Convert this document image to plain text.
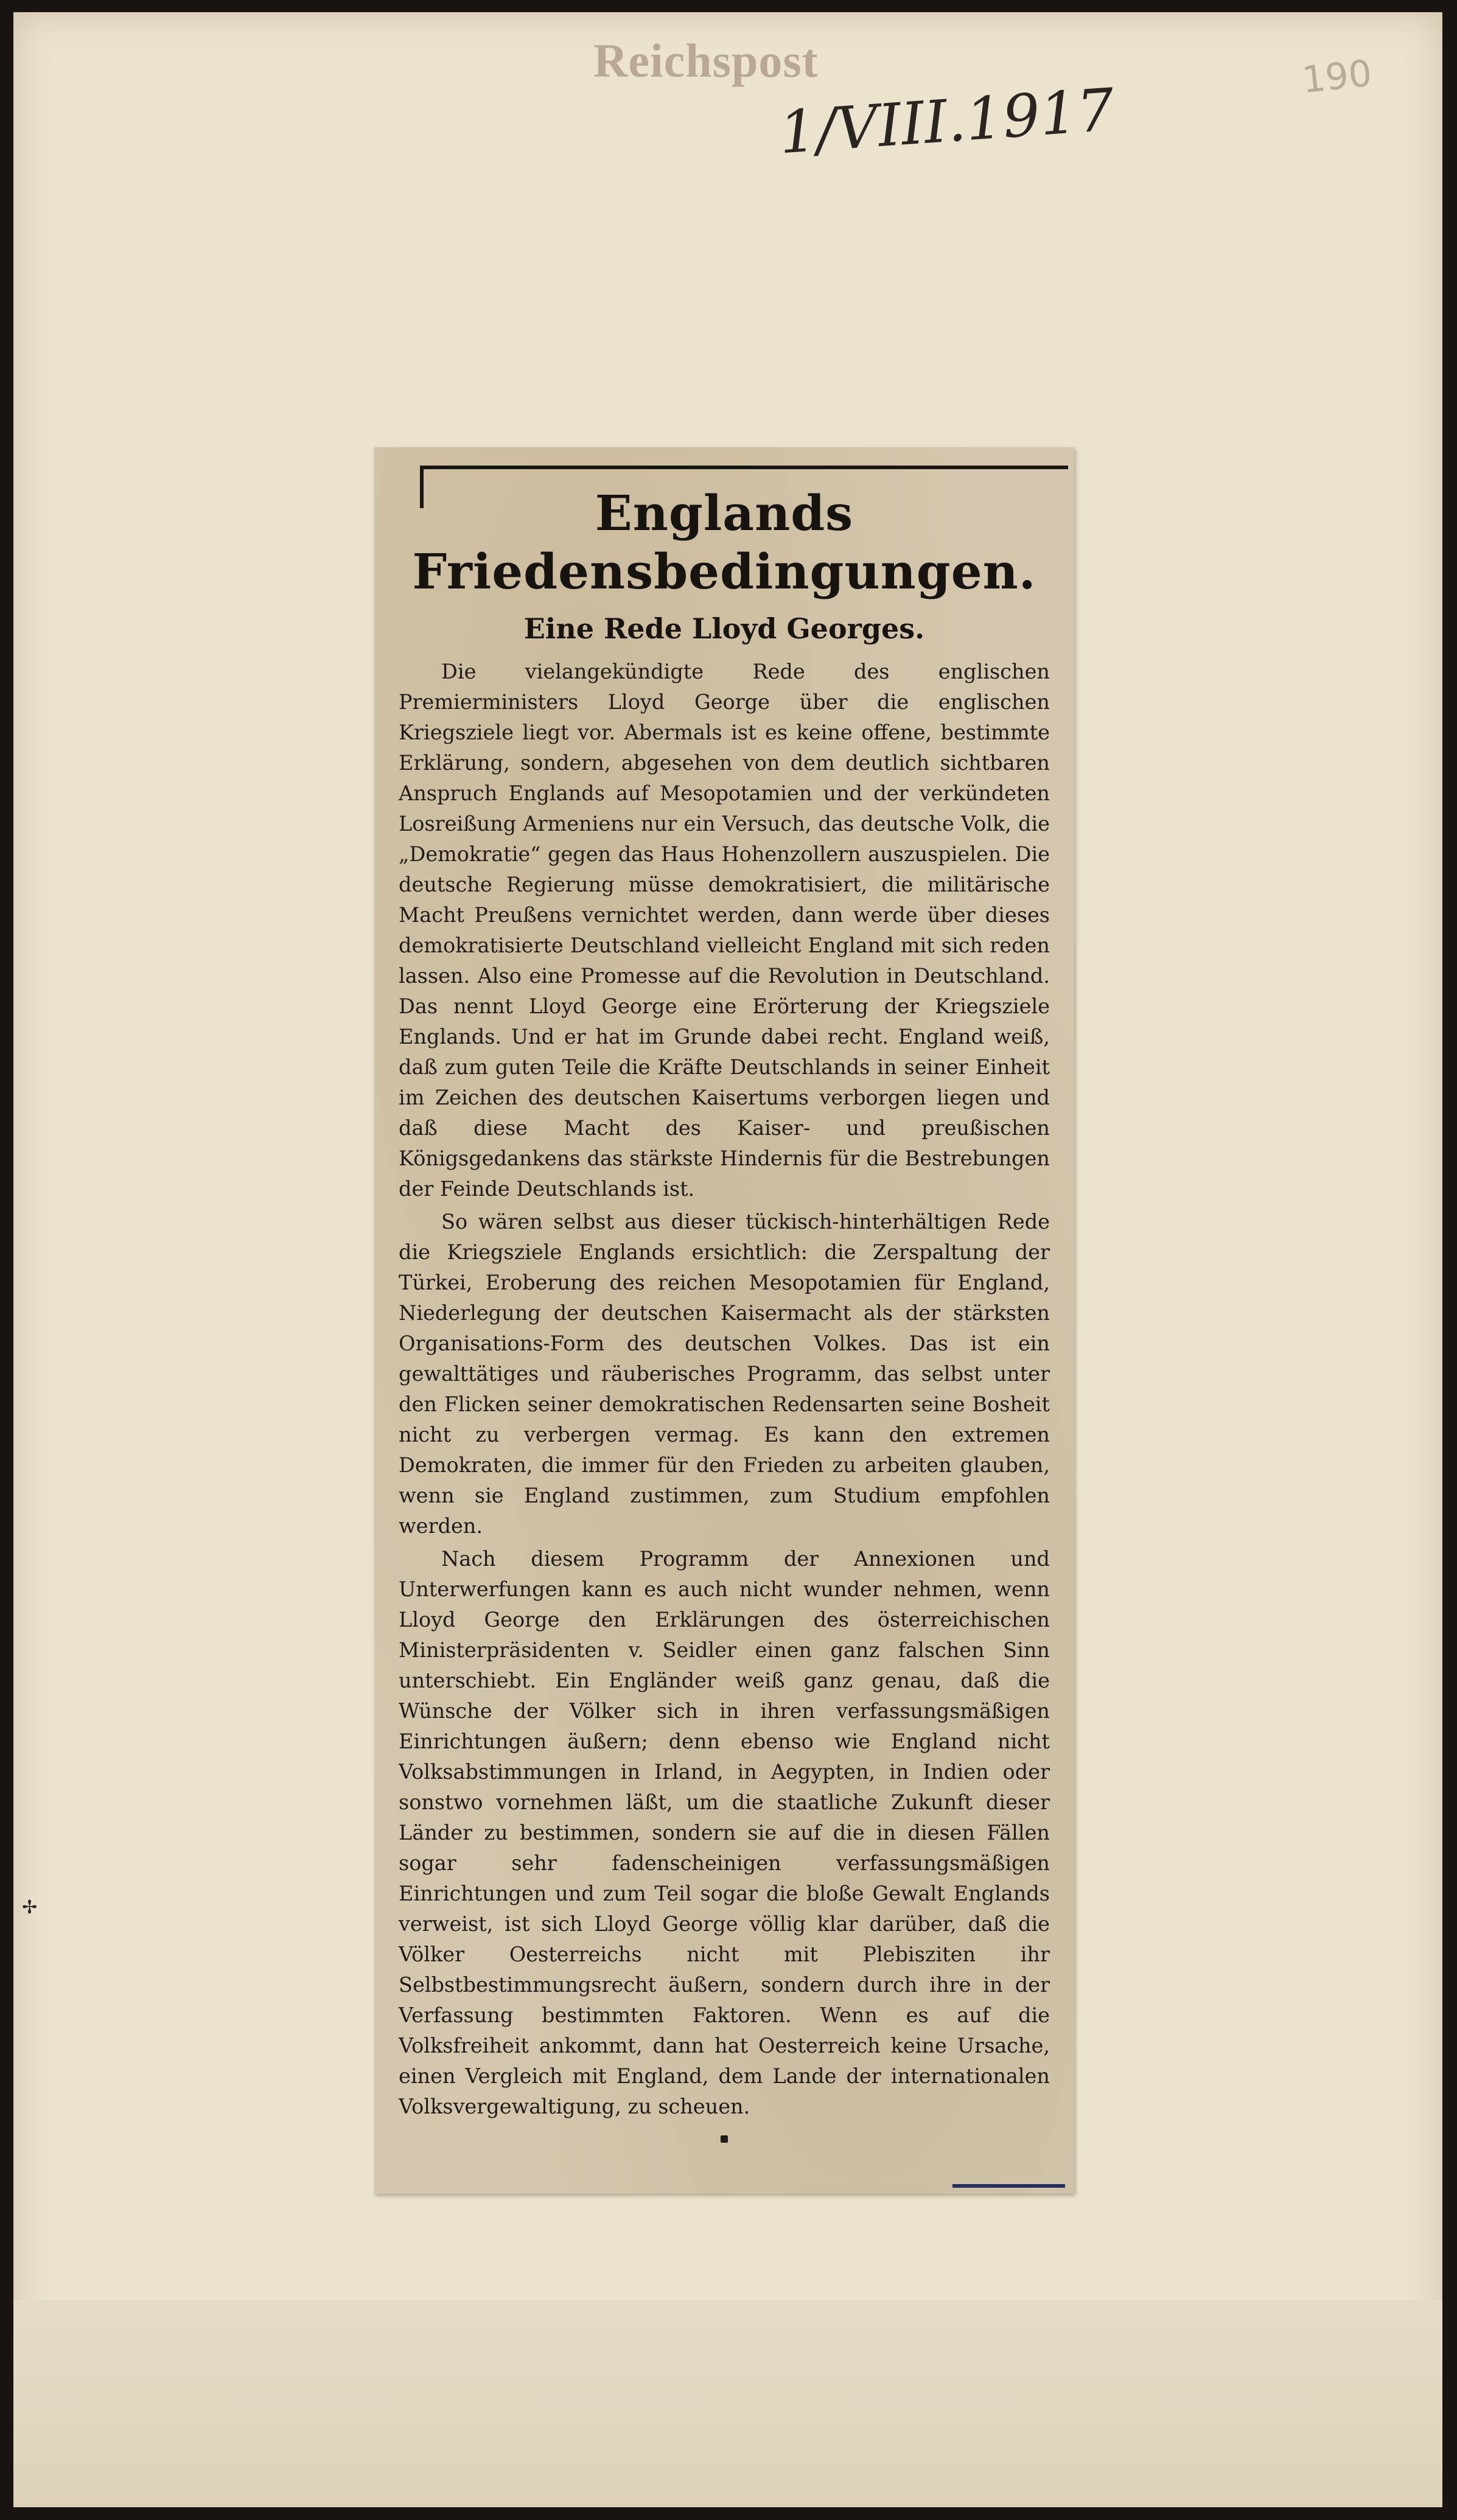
Reichspost
1/VIII.1917	190
✢
Englands Friedensbedingungen.
Eine Rede Lloyd Georges.

Die vielangekündigte Rede des englischen Premierministers Lloyd George über die englischen Kriegsziele liegt vor. Abermals ist es keine offene, bestimmte Erklärung, sondern, abgesehen von dem deutlich sichtbaren Anspruch Englands auf Mesopotamien und der verkündeten Losreißung Armeniens nur ein Versuch, das deutsche Volk, die „Demokratie“ gegen das Haus Hohenzollern auszuspielen. Die deutsche Regierung müsse demokratisiert, die militärische Macht Preußens vernichtet werden, dann werde über dieses demokratisierte Deutschland vielleicht England mit sich reden lassen. Also eine Promesse auf die Revolution in Deutschland. Das nennt Lloyd George eine Erörterung der Kriegsziele Englands. Und er hat im Grunde dabei recht. England weiß, daß zum guten Teile die Kräfte Deutschlands in seiner Einheit im Zeichen des deutschen Kaisertums verborgen liegen und daß diese Macht des Kaiser- und preußischen Königsgedankens das stärkste Hindernis für die Bestrebungen der Feinde Deutschlands ist.

So wären selbst aus dieser tückisch-hinterhältigen Rede die Kriegsziele Englands ersichtlich: die Zerspaltung der Türkei, Eroberung des reichen Mesopotamien für England, Niederlegung der deutschen Kaisermacht als der stärksten Organisations-Form des deutschen Volkes. Das ist ein gewalttätiges und räuberisches Programm, das selbst unter den Flicken seiner demokratischen Redensarten seine Bosheit nicht zu verbergen vermag. Es kann den extremen Demokraten, die immer für den Frieden zu arbeiten glauben, wenn sie England zustimmen, zum Studium empfohlen werden.

Nach diesem Programm der Annexionen und Unterwerfungen kann es auch nicht wunder nehmen, wenn Lloyd George den Erklärungen des österreichischen Ministerpräsidenten v. Seidler einen ganz falschen Sinn unterschiebt. Ein Engländer weiß ganz genau, daß die Wünsche der Völker sich in ihren verfassungsmäßigen Einrichtungen äußern; denn ebenso wie England nicht Volksabstimmungen in Irland, in Aegypten, in Indien oder sonstwo vornehmen läßt, um die staatliche Zukunft dieser Länder zu bestimmen, sondern sie auf die in diesen Fällen sogar sehr fadenscheinigen verfassungsmäßigen Einrichtungen und zum Teil sogar die bloße Gewalt Englands verweist, ist sich Lloyd George völlig klar darüber, daß die Völker Oesterreichs nicht mit Plebisziten ihr Selbstbestimmungsrecht äußern, sondern durch ihre in der Verfassung bestimmten Faktoren. Wenn es auf die Volksfreiheit ankommt, dann hat Oesterreich keine Ursache, einen Vergleich mit England, dem Lande der internationalen Volksvergewaltigung, zu scheuen.
